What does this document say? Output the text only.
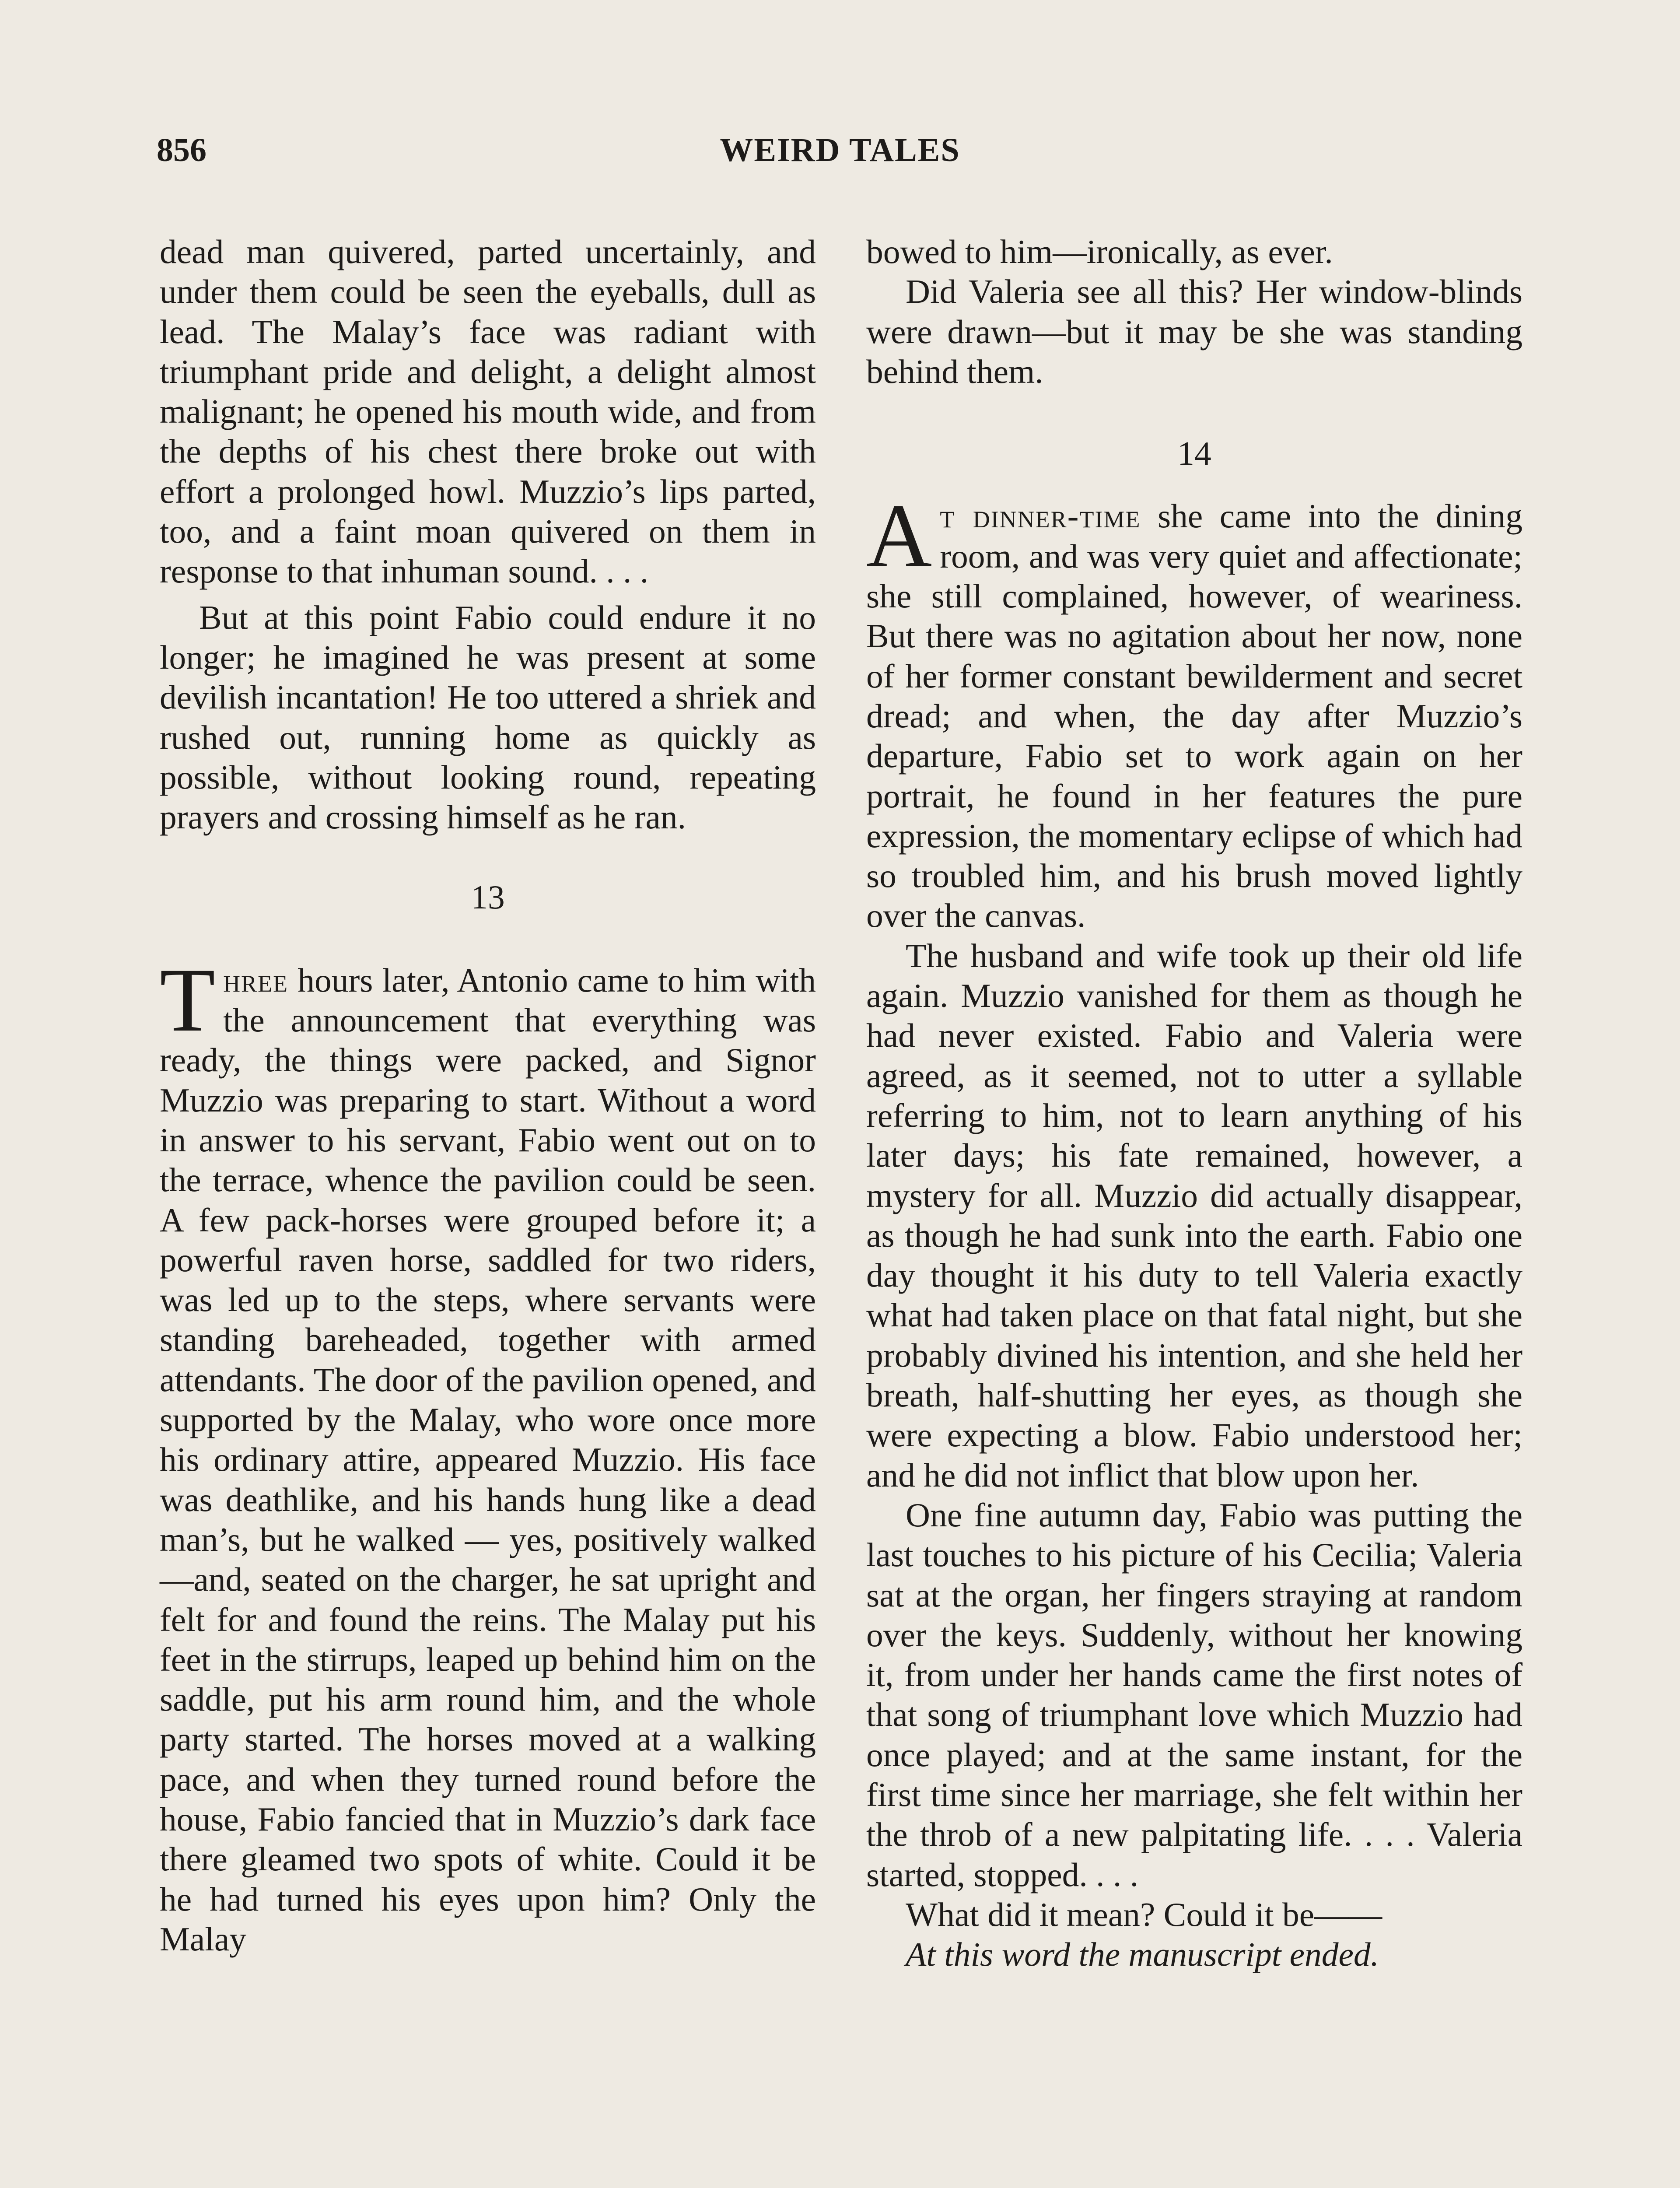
856	WEIRD TALES

dead man quivered, parted uncertainly, and under them could be seen the eyeballs, dull as lead. The Malay’s face was radiant with triumphant pride and delight, a delight almost malignant; he opened his mouth wide, and from the depths of his chest there broke out with effort a prolonged howl. Muzzio’s lips parted, too, and a faint moan quivered on them in response to that inhuman sound. . . .

But at this point Fabio could endure it no longer; he imagined he was present at some devilish incantation! He too uttered a shriek and rushed out, running home as quickly as possible, without looking round, repeating prayers and crossing himself as he ran.

13

Three hours later, Antonio came to him with the announcement that everything was ready, the things were packed, and Signor Muzzio was preparing to start. Without a word in answer to his servant, Fabio went out on to the terrace, whence the pavilion could be seen. A few pack-horses were grouped before it; a powerful raven horse, saddled for two riders, was led up to the steps, where servants were standing bareheaded, together with armed attendants. The door of the pavilion opened, and supported by the Malay, who wore once more his ordinary attire, appeared Muzzio. His face was deathlike, and his hands hung like a dead man’s, but he walked — yes, positively walked—and, seated on the charger, he sat upright and felt for and found the reins. The Malay put his feet in the stirrups, leaped up behind him on the saddle, put his arm round him, and the whole party started. The horses moved at a walking pace, and when they turned round before the house, Fabio fancied that in Muzzio’s dark face there gleamed two spots of white. Could it be he had turned his eyes upon him? Only the Malay

bowed to him—ironically, as ever.

Did Valeria see all this? Her window-blinds were drawn—but it may be she was standing behind them.

14

At dinner-time she came into the dining room, and was very quiet and affectionate; she still complained, however, of weariness. But there was no agitation about her now, none of her former constant bewilderment and secret dread; and when, the day after Muzzio’s departure, Fabio set to work again on her portrait, he found in her features the pure expression, the momentary eclipse of which had so troubled him, and his brush moved lightly over the canvas.

The husband and wife took up their old life again. Muzzio vanished for them as though he had never existed. Fabio and Valeria were agreed, as it seemed, not to utter a syllable referring to him, not to learn anything of his later days; his fate remained, however, a mystery for all. Muzzio did actually disappear, as though he had sunk into the earth. Fabio one day thought it his duty to tell Valeria exactly what had taken place on that fatal night, but she probably divined his intention, and she held her breath, half-shutting her eyes, as though she were expecting a blow. Fabio understood her; and he did not inflict that blow upon her.

One fine autumn day, Fabio was putting the last touches to his picture of his Cecilia; Valeria sat at the organ, her fingers straying at random over the keys. Suddenly, without her knowing it, from under her hands came the first notes of that song of triumphant love which Muzzio had once played; and at the same instant, for the first time since her marriage, she felt within her the throb of a new palpitating life. . . . Valeria started, stopped. . . .

What did it mean? Could it be——

At this word the manuscript ended.
